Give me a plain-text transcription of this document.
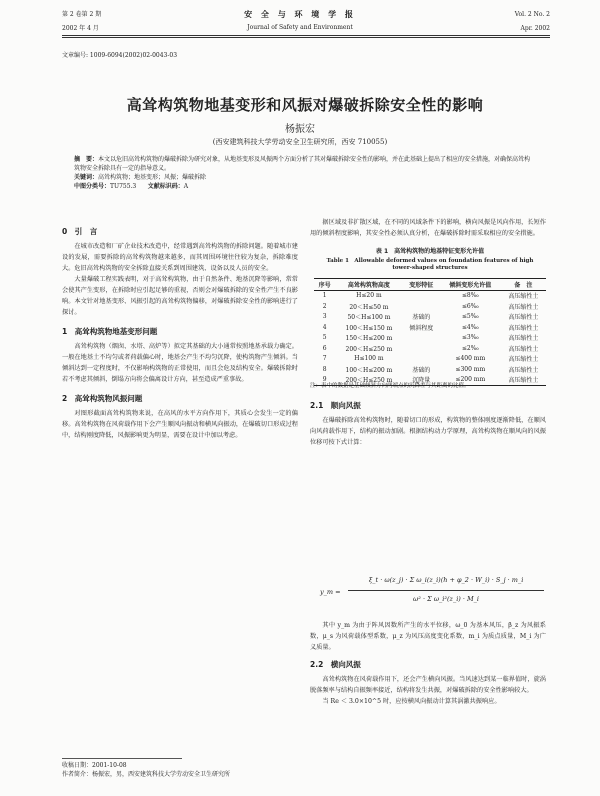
第 2 卷第 2 期
2002 年 4 月
安 全 与 环 境 学 报
Journal of Safety and Environment
Vol. 2 No. 2
Apr. 2002
文章编号: 1009-6094(2002)02-0043-03
高耸构筑物地基变形和风振对爆破拆除安全性的影响
杨振宏
(西安建筑科技大学劳动安全卫生研究所，西安 710055)
摘　要：本文以危旧高耸构筑物的爆破拆除为研究对象，从地基变形及风振两个方面分析了其对爆破拆除安全性的影响，并在此基础上提出了相应的安全措施，对确保高耸构筑物安全拆除具有一定的指导意义。
关键词：高耸构筑物；地基变形；风振；爆破拆除
中图分类号：TU755.3 文献标识码：A
0　引　言

在城市改造和厂矿企业技术改造中，经常遇到高耸构筑物的拆除问题。随着城市建设的发展，需要拆除的高耸构筑物越来越多，而其周围环境往往较为复杂，拆除难度大。危旧高耸构筑物的安全拆除直接关系到周围建筑、设备以及人员的安全。

大量爆破工程实践表明，对于高耸构筑物，由于自然条件、地基沉降等影响，常常会使其产生变形，在拆除时应引起足够的重视，否则会对爆破拆除的安全性产生不良影响。本文针对地基变形、风振引起的高耸构筑物偏移，对爆破拆除安全性的影响进行了探讨。

1　高耸构筑物地基变形问题

高耸构筑物（烟囱、水塔、高炉等）拟定其基础的大小通常按照地基承载力确定。一般在地基土不均匀或者荷载偏心时，地基会产生不均匀沉降，使构筑物产生倾斜。当倾斜达到一定程度时，不仅影响构筑物的正常使用，而且会危及结构安全。爆破拆除时若不考虑其倾斜，倒塌方向将会偏离设计方向，甚至造成严重事故。

2　高耸构筑物风振问题

对图形截面高耸构筑物来说，在高风的水平方向作用下，其质心会发生一定的偏移。高耸构筑物在风荷载作用下会产生顺风向振动和横风向振动，在爆破切口形成过程中，结构刚度降低，风振影响更为明显，需要在设计中加以考虑。

据区域及非扩散区域，在不同的风域条件下的影响，横向风振是风向作用，长短作用的倾斜程度影响，其安全性必须认真分析，在爆破拆除时需采取相应的安全措施。

表 1　高耸构筑物的地基特征变形允许值
Table 1　Allowable deformed values on foundation features of high tower-shaped structures
序号	高耸构筑物高度	变形特征	倾斜变形允许值	备　注
1	H≤20 m		≤8‰	高压缩性土
2	20＜H≤50 m		≤6‰	高压缩性土
3	50＜H≤100 m	基础的	≤5‰	高压缩性土
4	100＜H≤150 m	倾斜程度	≤4‰	高压缩性土
5	150＜H≤200 m		≤3‰	高压缩性土
6	200＜H≤250 m		≤2‰	高压缩性土
7	H≤100 m		≤400 mm	高压缩性土
8	100＜H≤200 m	基础的	≤300 mm	高压缩性土
9	200＜H≤250 m	沉降量	≤200 mm	高压缩性土
注：表中的数据是基础倾斜方向两端点的沉降差与其距离的比值。
2.1　顺向风振

在爆破拆除高耸构筑物时，随着切口的形成，构筑物的整体刚度逐渐降低，在顺风向风荷载作用下，结构的振动加剧。根据结构动力学原理，高耸构筑物在顺风向的风振位移可按下式计算：

y_m =
ξ_t · ω(z_j) · Σ ω_i(z_i)(h + φ_2 · W_i) · S_j · m_i
ω² · Σ ω_i²(z_i) · M_i

其中 y_m 为由于阵风因数所产生的水平位移，ω_0 为基本风压，β_z 为风振系数，μ_s 为风荷载体型系数，μ_z 为风压高度变化系数，m_i 为质点质量，M_i 为广义质量。

2.2　横向风振

高耸构筑物在风荷载作用下，还会产生横向风振。当风速达到某一临界值时，旋涡脱落频率与结构自振频率接近，结构将发生共振，对爆破拆除的安全性影响较大。

当 Re ＜ 3.0×10^5 时，应按横风向振动计算其涡激共振响应。

收稿日期：2001-10-08
作者简介：杨振宏，男，西安建筑科技大学劳动安全卫生研究所
